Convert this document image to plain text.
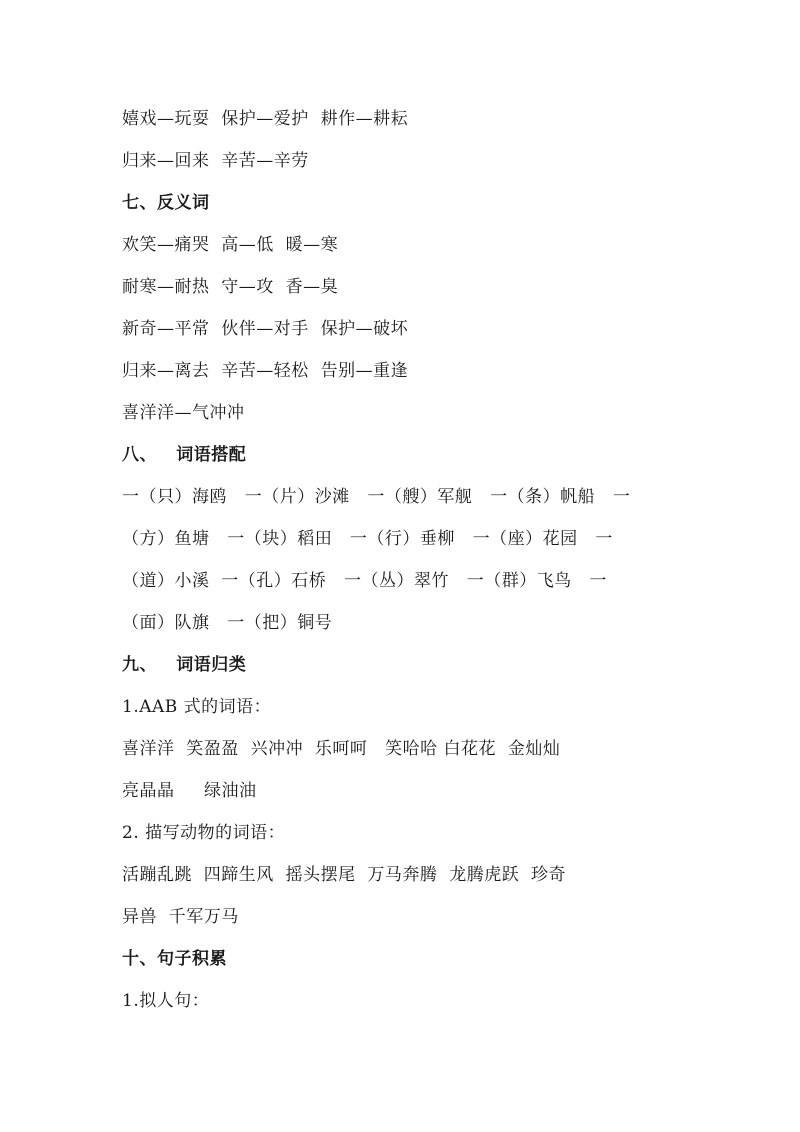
嬉戏—玩耍  保护—爱护  耕作—耕耘
归来—回来  辛苦—辛劳
七、反义词
欢笑—痛哭  高—低  暖—寒
耐寒—耐热  守—攻  香—臭
新奇—平常  伙伴—对手  保护—破坏
归来—离去  辛苦—轻松  告别—重逢
喜洋洋—气冲冲
八、   词语搭配
一（只）海鸥   一（片）沙滩   一（艘）军舰   一（条）帆船   一
（方）鱼塘   一（块）稻田   一（行）垂柳   一（座）花园   一
（道）小溪  一（孔）石桥   一（丛）翠竹   一（群）飞鸟   一
（面）队旗   一（把）铜号
九、   词语归类
1.AAB 式的词语：
喜洋洋  笑盈盈  兴冲冲  乐呵呵   笑哈哈 白花花  金灿灿
亮晶晶     绿油油
2. 描写动物的词语：
活蹦乱跳  四蹄生风  摇头摆尾  万马奔腾  龙腾虎跃  珍奇
异兽  千军万马
十、句子积累
1.拟人句：
